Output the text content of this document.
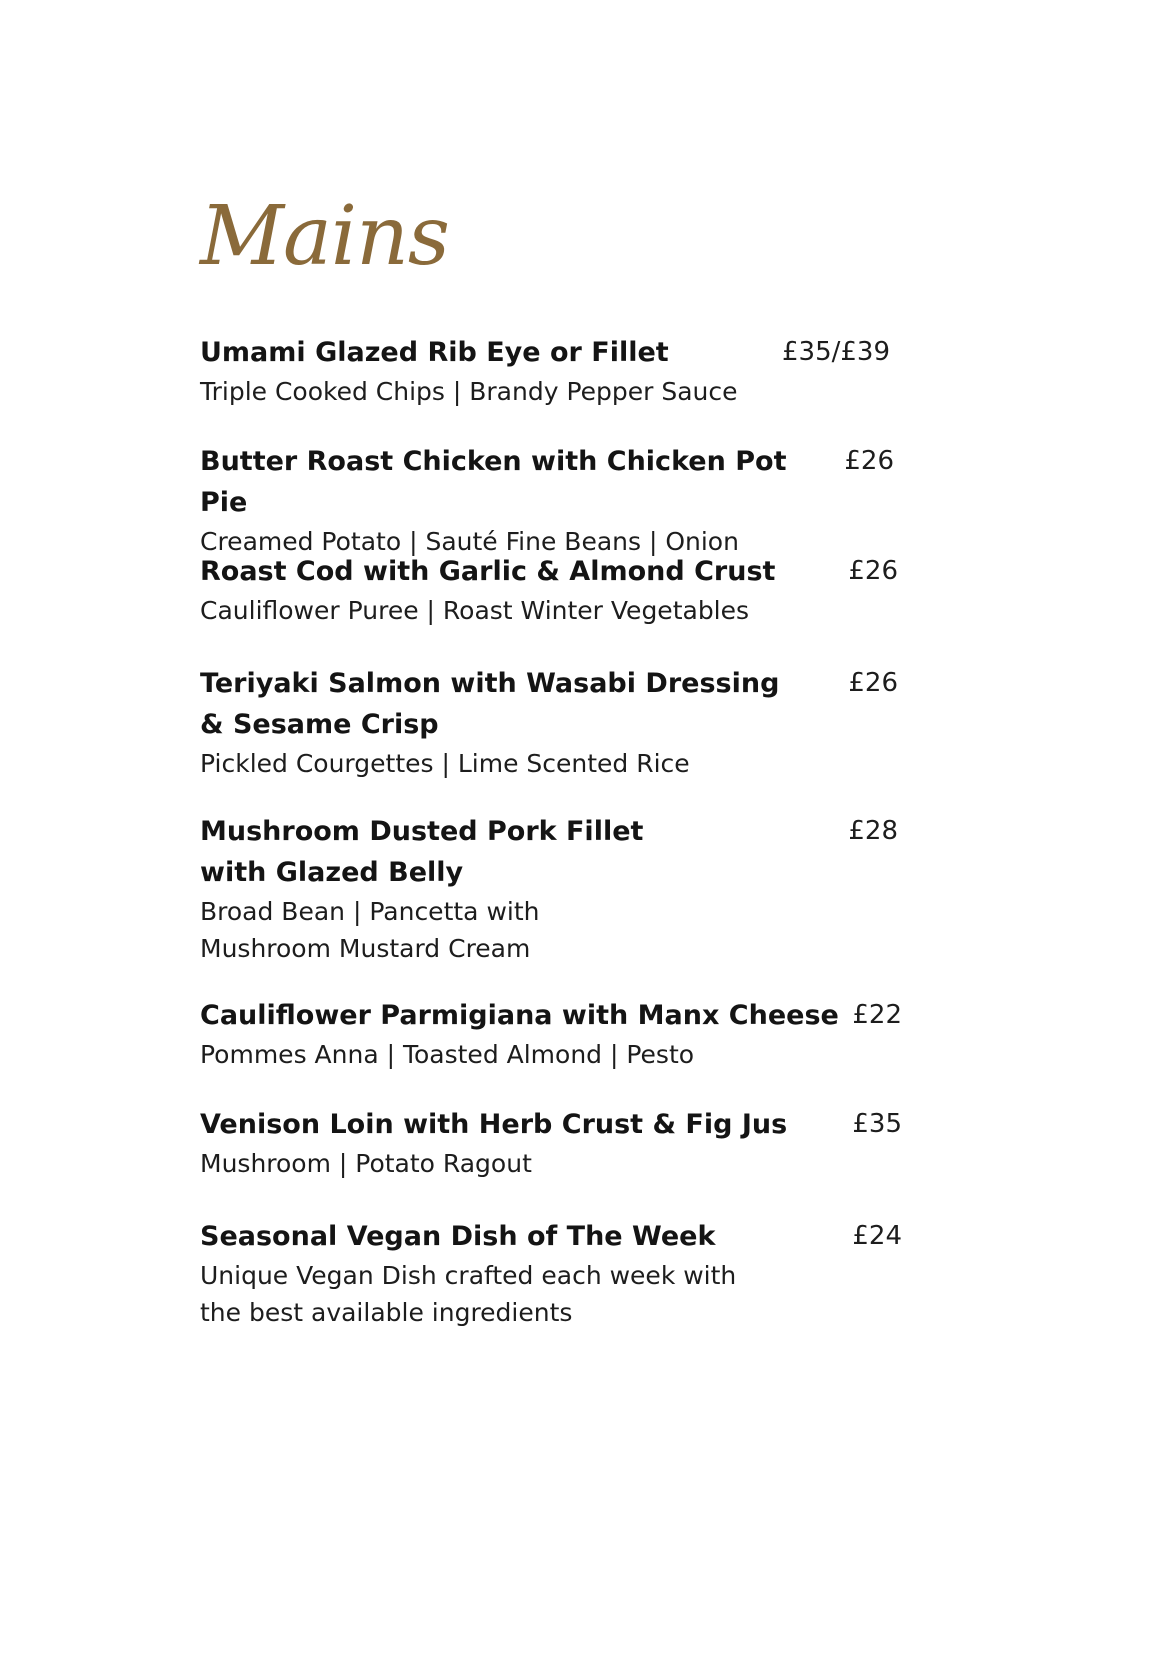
Mains

Umami Glazed Rib Eye or Fillet

Triple Cooked Chips | Brandy Pepper Sauce

£35/£39

Butter Roast Chicken with Chicken Pot Pie

Creamed Potato | Sauté Fine Beans | Onion

£26

Roast Cod with Garlic & Almond Crust

Cauliflower Puree | Roast Winter Vegetables

£26

Teriyaki Salmon with Wasabi Dressing
& Sesame Crisp

Pickled Courgettes | Lime Scented Rice

£26

Mushroom Dusted Pork Fillet
with Glazed Belly

Broad Bean | Pancetta with
Mushroom Mustard Cream

£28

Cauliflower Parmigiana with Manx Cheese

Pommes Anna | Toasted Almond | Pesto

£22

Venison Loin with Herb Crust & Fig Jus

Mushroom | Potato Ragout

£35

Seasonal Vegan Dish of The Week

Unique Vegan Dish crafted each week with
the best available ingredients

£24
